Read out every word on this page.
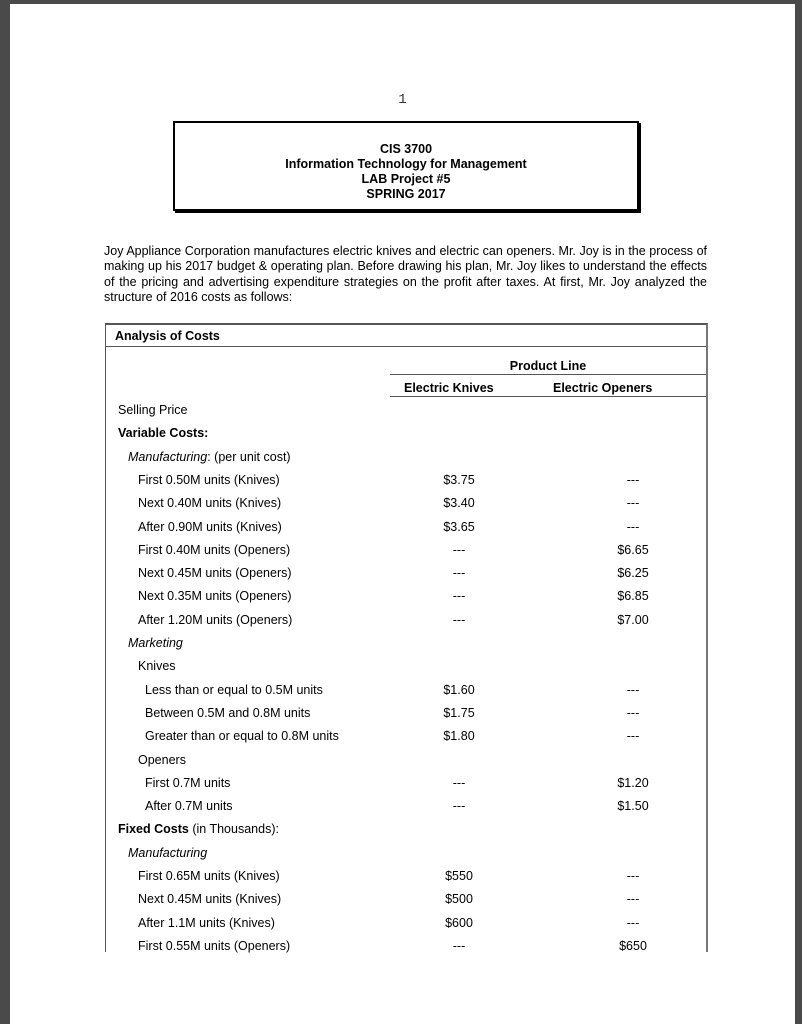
1
CIS 3700
Information Technology for Management
LAB Project #5
SPRING 2017
Joy Appliance Corporation manufactures electric knives and electric can openers. Mr. Joy is in the process of making up his 2017 budget & operating plan. Before drawing his plan, Mr. Joy likes to understand the effects of the pricing and advertising expenditure strategies on the profit after taxes. At first, Mr. Joy analyzed the structure of 2016 costs as follows:
Analysis of Costs
Product Line
Electric Knives	Electric Openers
Selling Price
Variable Costs:
Manufacturing: (per unit cost)
First 0.50M units (Knives)	$3.75	---
Next 0.40M units (Knives)	$3.40	---
After 0.90M units (Knives)	$3.65	---
First 0.40M units (Openers)	---	$6.65
Next 0.45M units (Openers)	---	$6.25
Next 0.35M units (Openers)	---	$6.85
After 1.20M units (Openers)	---	$7.00
Marketing
Knives
Less than or equal to 0.5M units	$1.60	---
Between 0.5M and 0.8M units	$1.75	---
Greater than or equal to 0.8M units	$1.80	---
Openers
First 0.7M units	---	$1.20
After 0.7M units	---	$1.50
Fixed Costs (in Thousands):
Manufacturing
First 0.65M units (Knives)	$550	---
Next 0.45M units (Knives)	$500	---
After 1.1M units (Knives)	$600	---
First 0.55M units (Openers)	---	$650
